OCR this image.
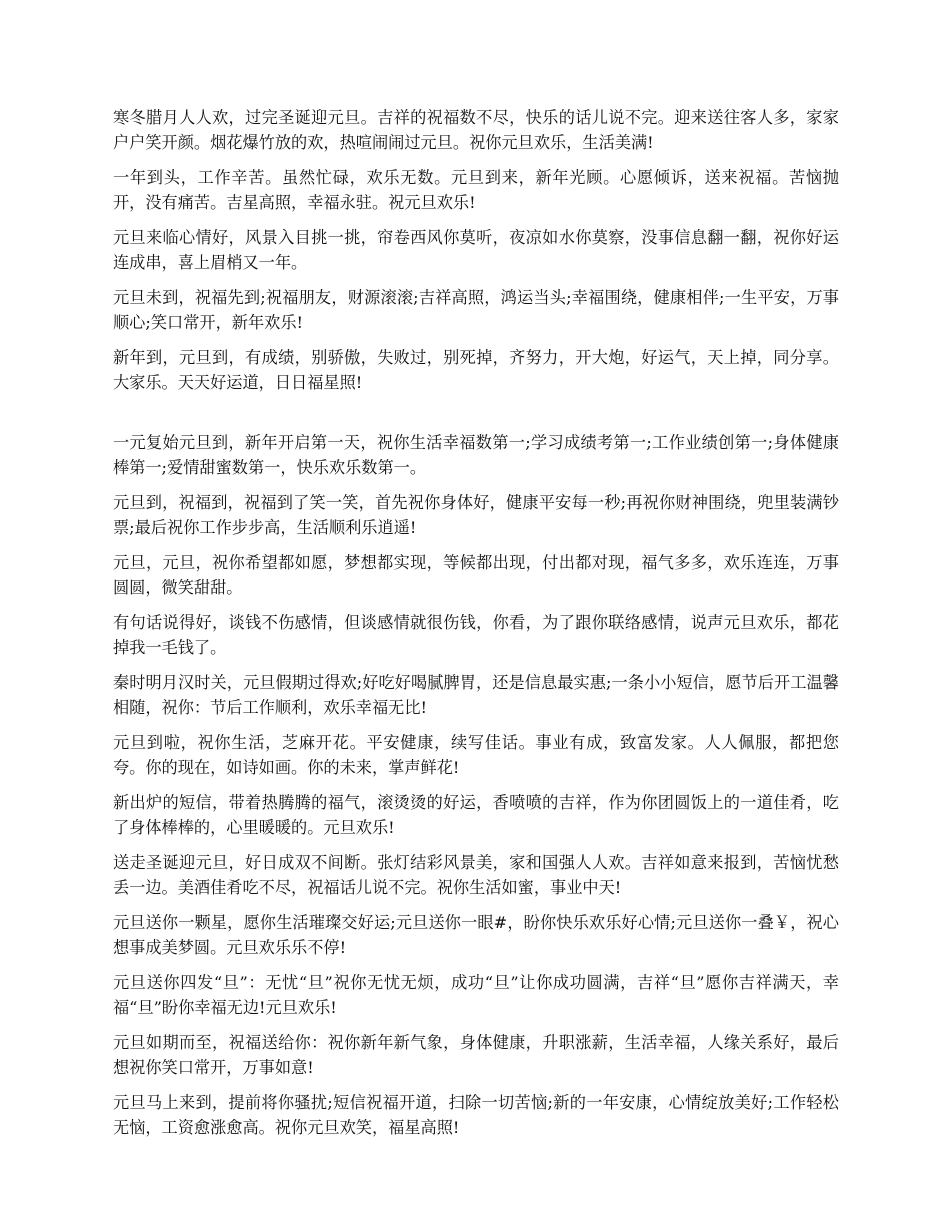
寒冬腊月人人欢，过完圣诞迎元旦。吉祥的祝福数不尽，快乐的话儿说不完。迎来送往客人多，家家户户笑开颜。烟花爆竹放的欢，热喧闹闹过元旦。祝你元旦欢乐，生活美满!

一年到头，工作辛苦。虽然忙碌，欢乐无数。元旦到来，新年光顾。心愿倾诉，送来祝福。苦恼抛开，没有痛苦。吉星高照，幸福永驻。祝元旦欢乐!

元旦来临心情好，风景入目挑一挑，帘卷西风你莫听，夜凉如水你莫察，没事信息翻一翻，祝你好运连成串，喜上眉梢又一年。

元旦未到，祝福先到;祝福朋友，财源滚滚;吉祥高照，鸿运当头;幸福围绕，健康相伴;一生平安，万事顺心;笑口常开，新年欢乐!

新年到，元旦到，有成绩，别骄傲，失败过，别死掉，齐努力，开大炮，好运气，天上掉，同分享。大家乐。天天好运道，日日福星照!

一元复始元旦到，新年开启第一天，祝你生活幸福数第一;学习成绩考第一;工作业绩创第一;身体健康棒第一;爱情甜蜜数第一，快乐欢乐数第一。

元旦到，祝福到，祝福到了笑一笑，首先祝你身体好，健康平安每一秒;再祝你财神围绕，兜里装满钞票;最后祝你工作步步高，生活顺利乐逍遥!

元旦，元旦，祝你希望都如愿，梦想都实现，等候都出现，付出都对现，福气多多，欢乐连连，万事圆圆，微笑甜甜。

有句话说得好，谈钱不伤感情，但谈感情就很伤钱，你看，为了跟你联络感情，说声元旦欢乐，都花掉我一毛钱了。

秦时明月汉时关，元旦假期过得欢;好吃好喝腻脾胃，还是信息最实惠;一条小小短信，愿节后开工温馨相随，祝你：节后工作顺利，欢乐幸福无比!

元旦到啦，祝你生活，芝麻开花。平安健康，续写佳话。事业有成，致富发家。人人佩服，都把您夸。你的现在，如诗如画。你的未来，掌声鲜花!

新出炉的短信，带着热腾腾的福气，滚烫烫的好运，香喷喷的吉祥，作为你团圆饭上的一道佳肴，吃了身体棒棒的，心里暖暖的。元旦欢乐!

送走圣诞迎元旦，好日成双不间断。张灯结彩风景美，家和国强人人欢。吉祥如意来报到，苦恼忧愁丢一边。美酒佳肴吃不尽，祝福话儿说不完。祝你生活如蜜，事业中天!

元旦送你一颗星，愿你生活璀璨交好运;元旦送你一眼#，盼你快乐欢乐好心情;元旦送你一叠￥，祝心想事成美梦圆。元旦欢乐乐不停!

元旦送你四发“旦”：无忧“旦”祝你无忧无烦，成功“旦”让你成功圆满，吉祥“旦”愿你吉祥满天，幸福“旦”盼你幸福无边!元旦欢乐!

元旦如期而至，祝福送给你：祝你新年新气象，身体健康，升职涨薪，生活幸福，人缘关系好，最后想祝你笑口常开，万事如意!

元旦马上来到，提前将你骚扰;短信祝福开道，扫除一切苦恼;新的一年安康，心情绽放美好;工作轻松无恼，工资愈涨愈高。祝你元旦欢笑，福星高照!
